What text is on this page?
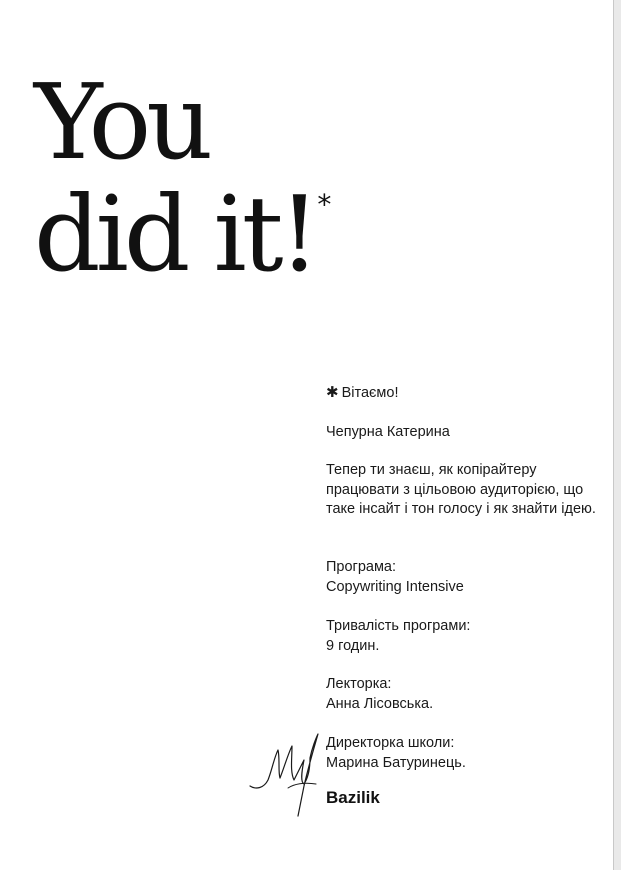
You
did it!*
✱ Вітаємо!
Чепурна Катерина
Тепер ти знаєш, як копірайтеру працювати з цільовою аудиторією, що таке інсайт і тон голосу і як знайти ідею.
Програма:
Copywriting Intensive
Тривалість програми:
9 годин.
Лекторка:
Анна Лісовська.
Директорка школи:
Марина Батуринець.
Bazilik
